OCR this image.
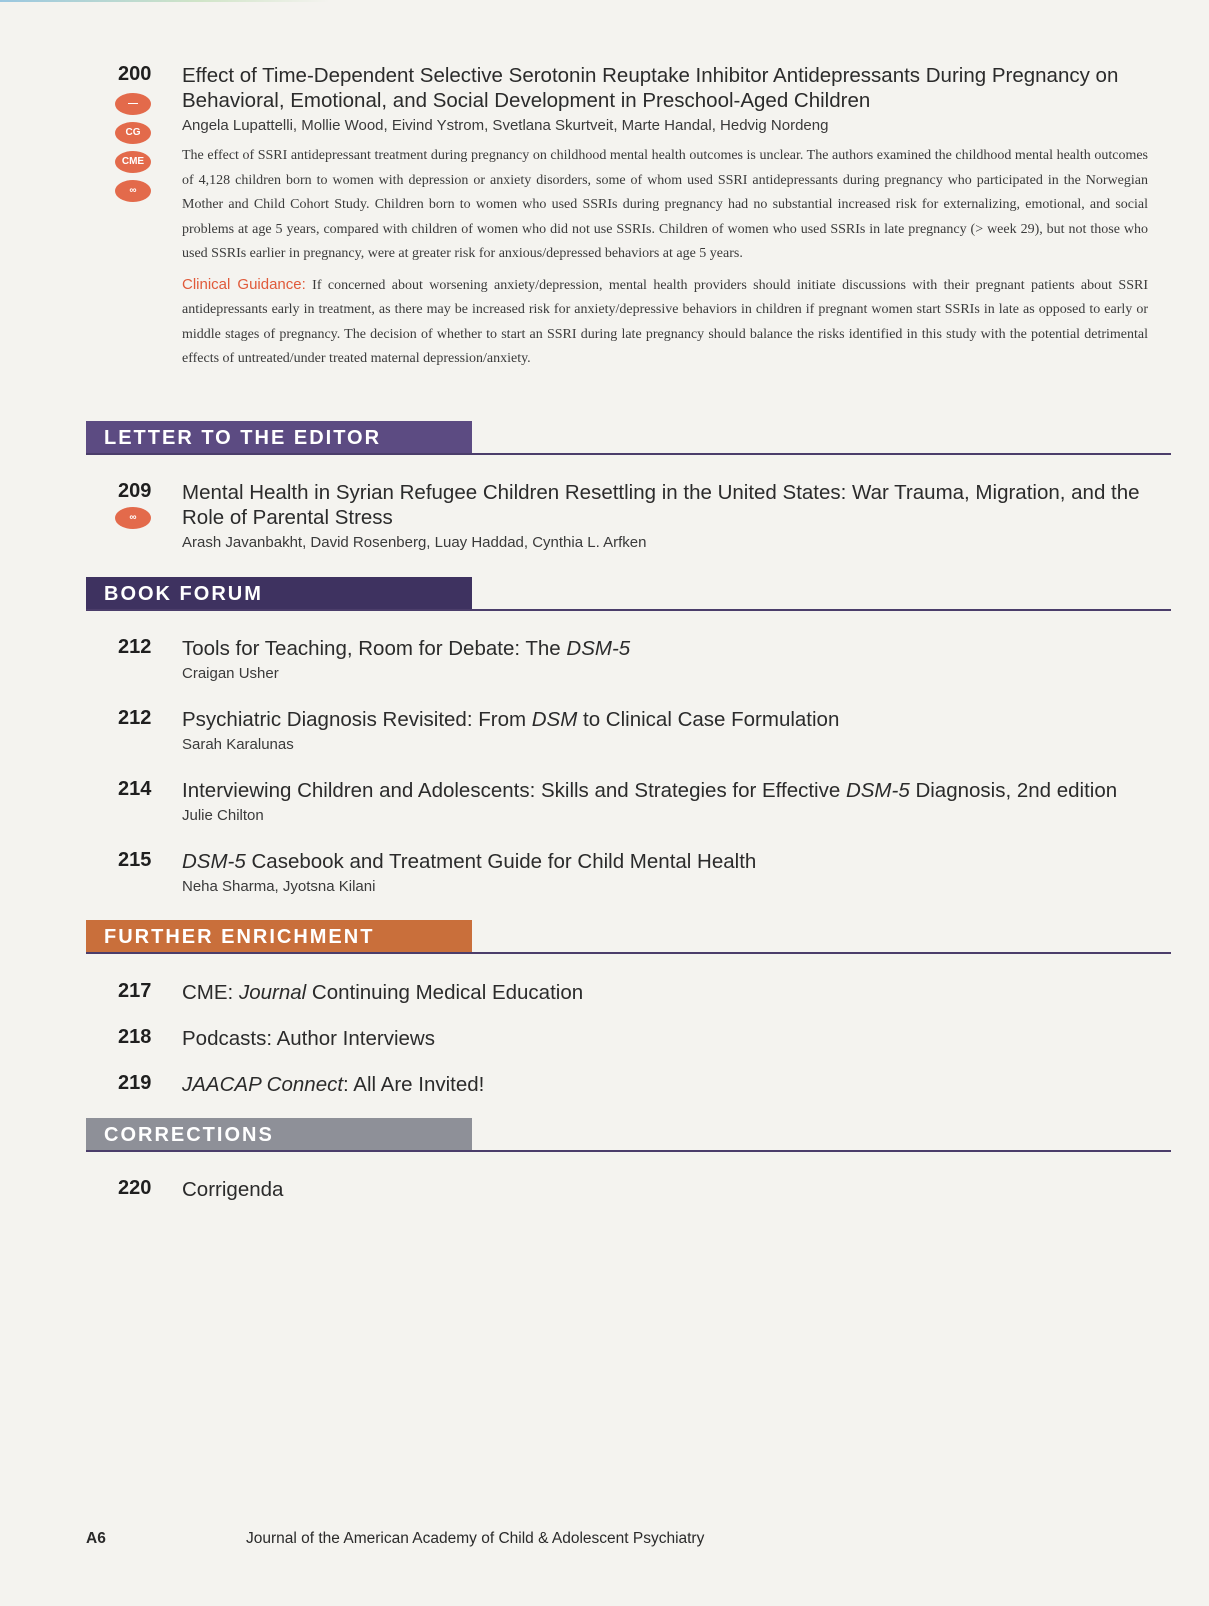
200
—
CG
CME
∞
Effect of Time-Dependent Selective Serotonin Reuptake Inhibitor Antidepressants During Pregnancy on Behavioral, Emotional, and Social Development in Preschool-Aged Children
Angela Lupattelli, Mollie Wood, Eivind Ystrom, Svetlana Skurtveit, Marte Handal, Hedvig Nordeng
The effect of SSRI antidepressant treatment during pregnancy on childhood mental health outcomes is unclear. The authors examined the childhood mental health outcomes of 4,128 children born to women with depression or anxiety disorders, some of whom used SSRI antidepressants during pregnancy who participated in the Norwegian Mother and Child Cohort Study. Children born to women who used SSRIs during pregnancy had no substantial increased risk for externalizing, emotional, and social problems at age 5 years, compared with children of women who did not use SSRIs. Children of women who used SSRIs in late pregnancy (> week 29), but not those who used SSRIs earlier in pregnancy, were at greater risk for anxious/depressed behaviors at age 5 years.
Clinical Guidance: If concerned about worsening anxiety/depression, mental health providers should initiate discussions with their pregnant patients about SSRI antidepressants early in treatment, as there may be increased risk for anxiety/depressive behaviors in children if pregnant women start SSRIs in late as opposed to early or middle stages of pregnancy. The decision of whether to start an SSRI during late pregnancy should balance the risks identified in this study with the potential detrimental effects of untreated/under treated maternal depression/anxiety.
LETTER TO THE EDITOR
209
∞
Mental Health in Syrian Refugee Children Resettling in the United States: War Trauma, Migration, and the Role of Parental Stress
Arash Javanbakht, David Rosenberg, Luay Haddad, Cynthia L. Arfken
BOOK FORUM
212 Tools for Teaching, Room for Debate: The DSM-5
Craigan Usher
212 Psychiatric Diagnosis Revisited: From DSM to Clinical Case Formulation
Sarah Karalunas
214 Interviewing Children and Adolescents: Skills and Strategies for Effective DSM-5 Diagnosis, 2nd edition
Julie Chilton
215 DSM-5 Casebook and Treatment Guide for Child Mental Health
Neha Sharma, Jyotsna Kilani
FURTHER ENRICHMENT
217 CME: Journal Continuing Medical Education
218 Podcasts: Author Interviews
219 JAACAP Connect: All Are Invited!
CORRECTIONS
220 Corrigenda
A6	Journal of the American Academy of Child & Adolescent Psychiatry
